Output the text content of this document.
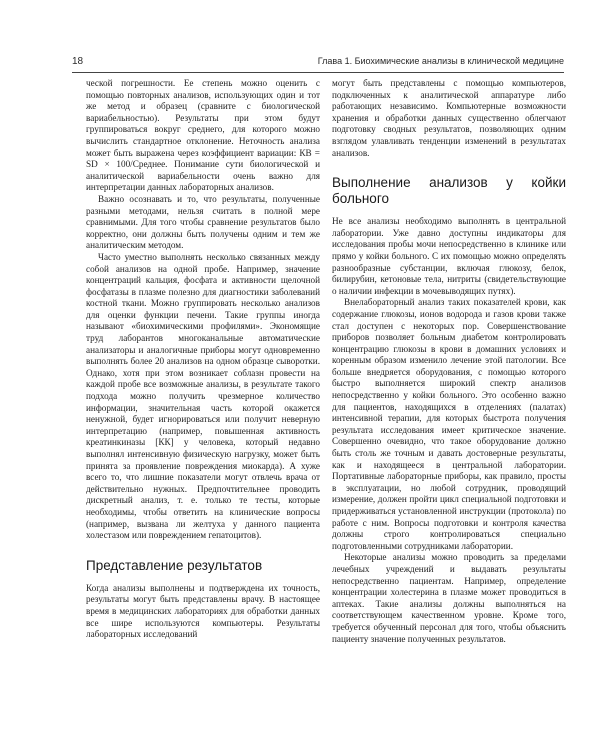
18	Глава 1. Биохимические анализы в клинической медицине

ческой погрешности. Ее степень можно оценить с помощью повторных анализов, использующих один и тот же метод и образец (сравните с биологической вариабельностью). Результаты при этом будут группироваться вокруг среднего, для которого можно вычислить стандартное отклонение. Неточность анализа может быть выражена через коэффициент вариации: КВ = SD × 100/Среднее. Понимание сути биологической и аналитической вариабельности очень важно для интерпретации данных лабораторных анализов.

Важно осознавать и то, что результаты, полученные разными методами, нельзя считать в полной мере сравнимыми. Для того чтобы сравнение результатов было корректно, они должны быть получены одним и тем же аналитическим методом.

Часто уместно выполнять несколько связанных между собой анализов на одной пробе. Например, значение концентраций кальция, фосфата и активности щелочной фосфатазы в плазме полезно для диагностики заболеваний костной ткани. Можно группировать несколько анализов для оценки функции печени. Такие группы иногда называют «биохимическими профилями». Экономящие труд лаборантов многоканальные автоматические анализаторы и аналогичные приборы могут одновременно выполнять более 20 анализов на одном образце сыворотки. Однако, хотя при этом возникает соблазн провести на каждой пробе все возможные анализы, в результате такого подхода можно получить чрезмерное количество информации, значительная часть которой окажется ненужной, будет игнорироваться или получит неверную интерпретацию (например, повышенная активность креатинкиназы [КК] у человека, который недавно выполнял интенсивную физическую нагрузку, может быть принята за проявление повреждения миокарда). А хуже всего то, что лишние показатели могут отвлечь врача от действительно нужных. Предпочтительнее проводить дискретный анализ, т. е. только те тесты, которые необходимы, чтобы ответить на клинические вопросы (например, вызвана ли желтуха у данного пациента холестазом или повреждением гепатоцитов).

Представление результатов

Когда анализы выполнены и подтверждена их точность, результаты могут быть представлены врачу. В настоящее время в медицинских лабораториях для обработки данных все шире используются компьютеры. Результаты лабораторных исследований

могут быть представлены с помощью компьютеров, подключенных к аналитической аппаратуре либо работающих независимо. Компьютерные возможности хранения и обработки данных существенно облегчают подготовку сводных результатов, позволяющих одним взглядом улавливать тенденции изменений в результатах анализов.

Выполнение анализов у койки больного

Не все анализы необходимо выполнять в центральной лаборатории. Уже давно доступны индикаторы для исследования пробы мочи непосредственно в клинике или прямо у койки больного. С их помощью можно определять разнообразные субстанции, включая глюкозу, белок, билирубин, кетоновые тела, нитриты (свидетельствующие о наличии инфекции в мочевыводящих путях).

Внелабораторный анализ таких показателей крови, как содержание глюкозы, ионов водорода и газов крови также стал доступен с некоторых пор. Совершенствование приборов позволяет больным диабетом контролировать концентрацию глюкозы в крови в домашних условиях и коренным образом изменило лечение этой патологии. Все больше внедряется оборудования, с помощью которого быстро выполняется широкий спектр анализов непосредственно у койки больного. Это особенно важно для пациентов, находящихся в отделениях (палатах) интенсивной терапии, для которых быстрота получения результата исследования имеет критическое значение. Совершенно очевидно, что такое оборудование должно быть столь же точным и давать достоверные результаты, как и находящееся в центральной лаборатории. Портативные лабораторные приборы, как правило, просты в эксплуатации, но любой сотрудник, проводящий измерение, должен пройти цикл специальной подготовки и придерживаться установленной инструкции (протокола) по работе с ним. Вопросы подготовки и контроля качества должны строго контролироваться специально подготовленными сотрудниками лаборатории.

Некоторые анализы можно проводить за пределами лечебных учреждений и выдавать результаты непосредственно пациентам. Например, определение концентрации холестерина в плазме может проводиться в аптеках. Такие анализы должны выполняться на соответствующем качественном уровне. Кроме того, требуется обученный персонал для того, чтобы объяснить пациенту значение полученных результатов.
